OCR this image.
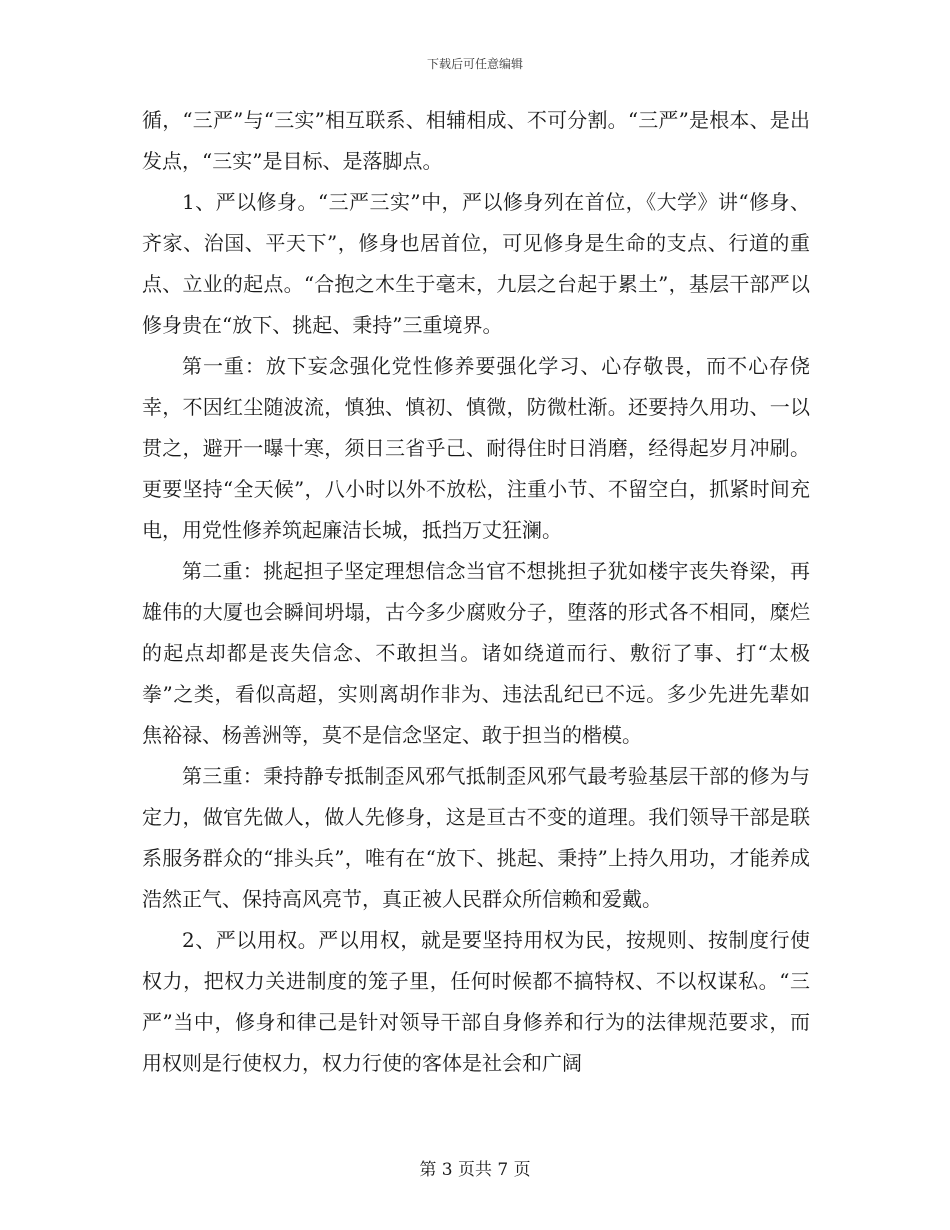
下载后可任意编辑

循，“三严”与“三实”相互联系、相辅相成、不可分割。“三严”是根本、是出发点，“三实”是目标、是落脚点。

1、严以修身。“三严三实”中，严以修身列在首位，《大学》讲“修身、齐家、治国、平天下”，修身也居首位，可见修身是生命的支点、行道的重点、立业的起点。“合抱之木生于毫末，九层之台起于累土”，基层干部严以修身贵在“放下、挑起、秉持”三重境界。

第一重：放下妄念强化党性修养要强化学习、心存敬畏，而不心存侥幸，不因红尘随波流，慎独、慎初、慎微，防微杜渐。还要持久用功、一以贯之，避开一曝十寒，须日三省乎己、耐得住时日消磨，经得起岁月冲刷。更要坚持“全天候”，八小时以外不放松，注重小节、不留空白，抓紧时间充电，用党性修养筑起廉洁长城，抵挡万丈狂澜。

第二重：挑起担子坚定理想信念当官不想挑担子犹如楼宇丧失脊梁，再雄伟的大厦也会瞬间坍塌，古今多少腐败分子，堕落的形式各不相同，糜烂的起点却都是丧失信念、不敢担当。诸如绕道而行、敷衍了事、打“太极拳”之类，看似高超，实则离胡作非为、违法乱纪已不远。多少先进先辈如焦裕禄、杨善洲等，莫不是信念坚定、敢于担当的楷模。

第三重：秉持静专抵制歪风邪气抵制歪风邪气最考验基层干部的修为与定力，做官先做人，做人先修身，这是亘古不变的道理。我们领导干部是联系服务群众的“排头兵”，唯有在“放下、挑起、秉持”上持久用功，才能养成浩然正气、保持高风亮节，真正被人民群众所信赖和爱戴。

2、严以用权。严以用权，就是要坚持用权为民，按规则、按制度行使权力，把权力关进制度的笼子里，任何时候都不搞特权、不以权谋私。“三严”当中，修身和律己是针对领导干部自身修养和行为的法律规范要求，而用权则是行使权力，权力行使的客体是社会和广阔

第 3 页共 7 页
